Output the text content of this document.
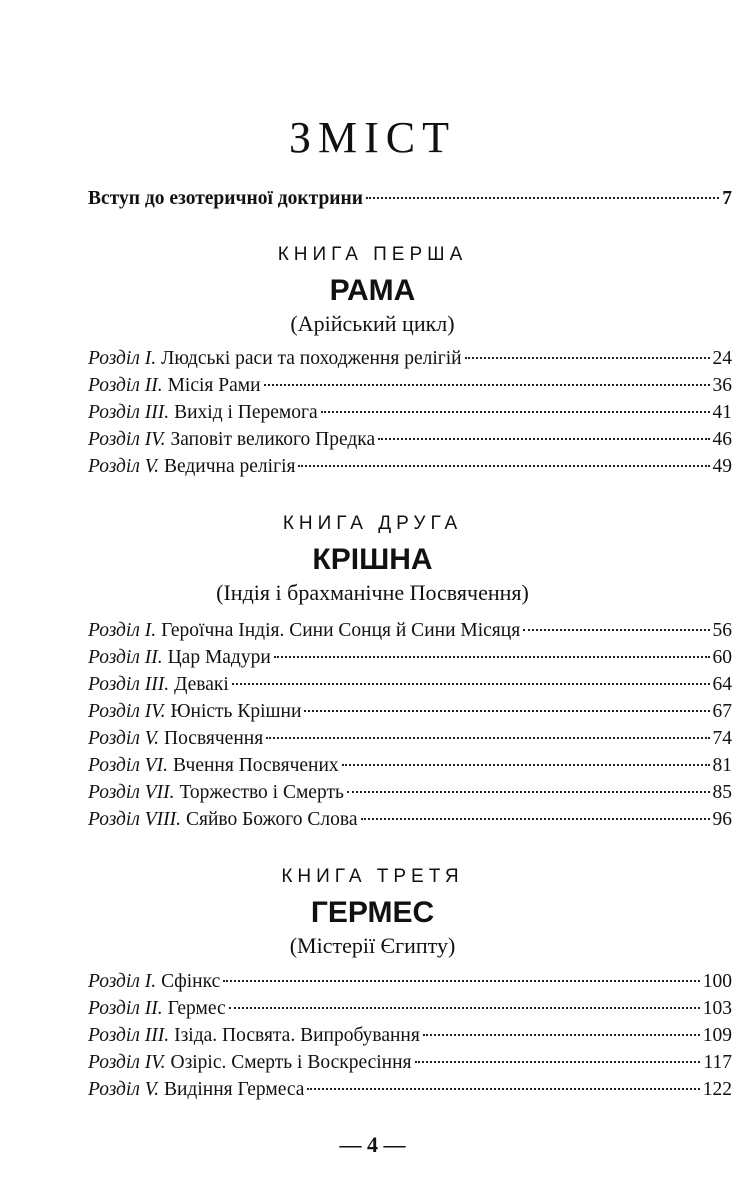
ЗМІСТ
Вступ до езотеричної доктрини	7
КНИГА ПЕРША
РАМА
(Арійський цикл)
Розділ I. Людські раси та походження релігій	24
Розділ II. Місія Рами	36
Розділ III. Вихід і Перемога	41
Розділ IV. Заповіт великого Предка	46
Розділ V. Ведична релігія	49
КНИГА ДРУГА
КРІШНА
(Індія і брахманічне Посвячення)
Розділ I. Героїчна Індія. Сини Сонця й Сини Місяця	56
Розділ II. Цар Мадури	60
Розділ III. Девакі	64
Розділ IV. Юність Крішни	67
Розділ V. Посвячення	74
Розділ VI. Вчення Посвячених	81
Розділ VII. Торжество і Смерть	85
Розділ VIII. Сяйво Божого Слова	96
КНИГА ТРЕТЯ
ГЕРМЕС
(Містерії Єгипту)
Розділ I. Сфінкс	100
Розділ II. Гермес	103
Розділ III. Ізіда. Посвята. Випробування	109
Розділ IV. Озіріс. Смерть і Воскресіння	117
Розділ V. Видіння Гермеса	122
— 4 —
